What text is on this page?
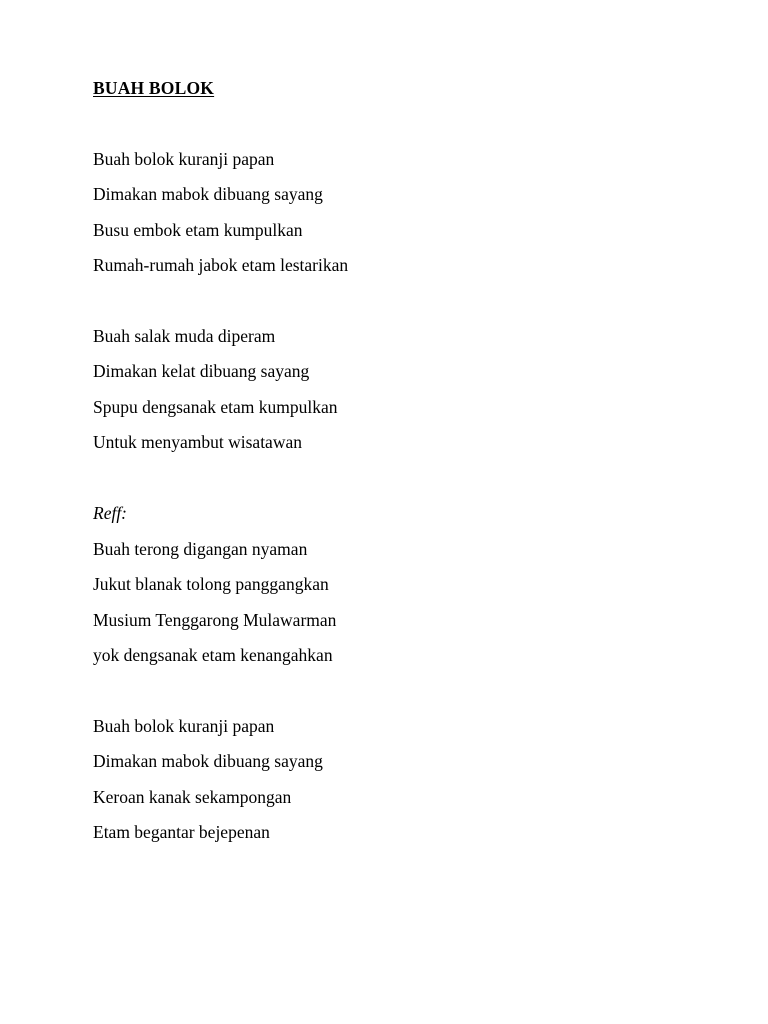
BUAH BOLOK
Buah bolok kuranji papan
Dimakan mabok dibuang sayang
Busu embok etam kumpulkan
Rumah-rumah jabok etam lestarikan
Buah salak muda diperam
Dimakan kelat dibuang sayang
Spupu dengsanak etam kumpulkan
Untuk menyambut wisatawan
Reff:
Buah terong digangan nyaman
Jukut blanak tolong panggangkan
Musium Tenggarong Mulawarman
yok dengsanak etam kenangahkan
Buah bolok kuranji papan
Dimakan mabok dibuang sayang
Keroan kanak sekampongan
Etam begantar bejepenan
